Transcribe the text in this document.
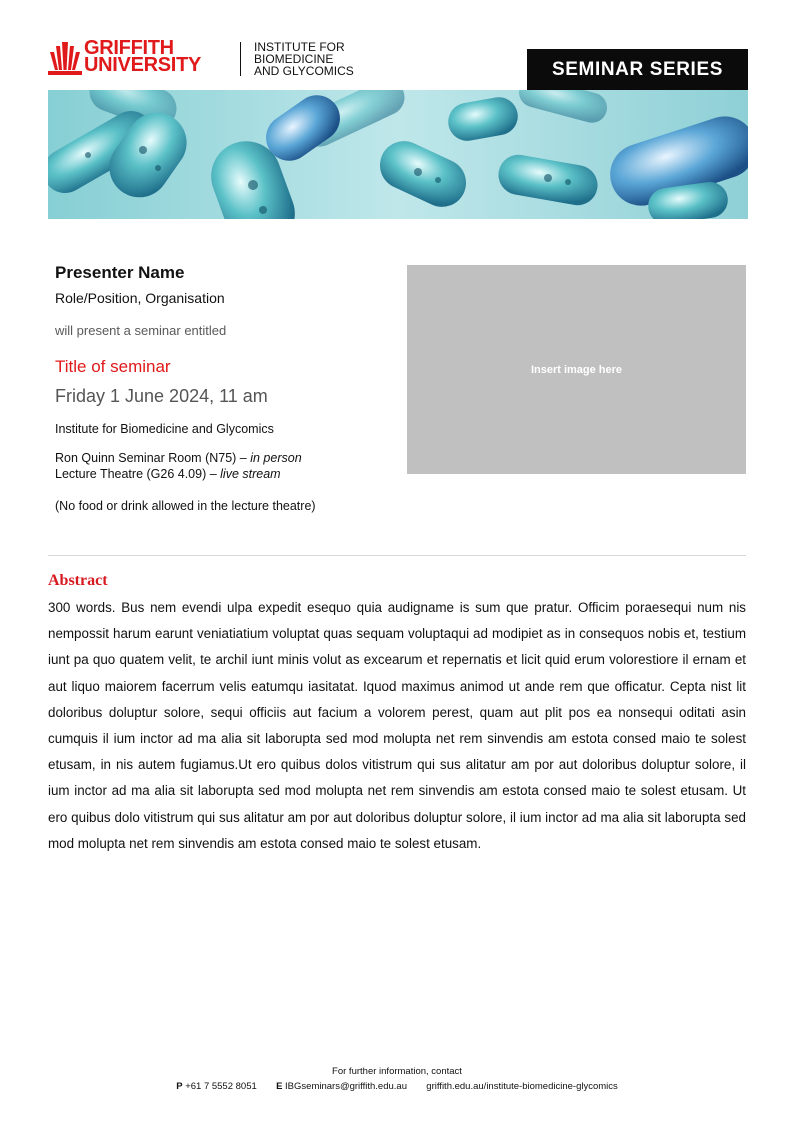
GRIFFITH
UNIVERSITY
INSTITUTE FOR
BIOMEDICINE
AND GLYCOMICS	SEMINAR SERIES
Presenter Name
Role/Position, Organisation
will present a seminar entitled
Title of seminar
Friday 1 June 2024, 11 am
Institute for Biomedicine and Glycomics
Ron Quinn Seminar Room (N75) – in person
Lecture Theatre (G26 4.09) – live stream
(No food or drink allowed in the lecture theatre)
Insert image here
Abstract

300 words. Bus nem evendi ulpa expedit esequo quia audigname is sum que pratur. Officim poraesequi num nis nempossit harum earunt veniatiatium voluptat quas sequam voluptaqui ad modipiet as in consequos nobis et, testium iunt pa quo quatem velit, te archil iunt minis volut as excearum et repernatis et licit quid erum volorestiore il ernam et aut liquo maiorem facerrum velis eatumqu iasitatat. Iquod maximus animod ut ande rem que officatur. Cepta nist lit doloribus doluptur solore, sequi officiis aut facium a volorem perest, quam aut plit pos ea nonsequi oditati asin cumquis il ium inctor ad ma alia sit laborupta sed mod molupta net rem sinvendis am estota consed maio te solest etusam, in nis autem fugiamus.Ut ero quibus dolos vitistrum qui sus alitatur am por aut doloribus doluptur solore, il ium inctor ad ma alia sit laborupta sed mod molupta net rem sinvendis am estota consed maio te solest etusam. Ut ero quibus dolo vitistrum qui sus alitatur am por aut doloribus doluptur solore, il ium inctor ad ma alia sit laborupta sed mod molupta net rem sinvendis am estota consed maio te solest etusam.

For further information, contact
P +61 7 5552 8051 E IBGseminars@griffith.edu.au griffith.edu.au/institute-biomedicine-glycomics
